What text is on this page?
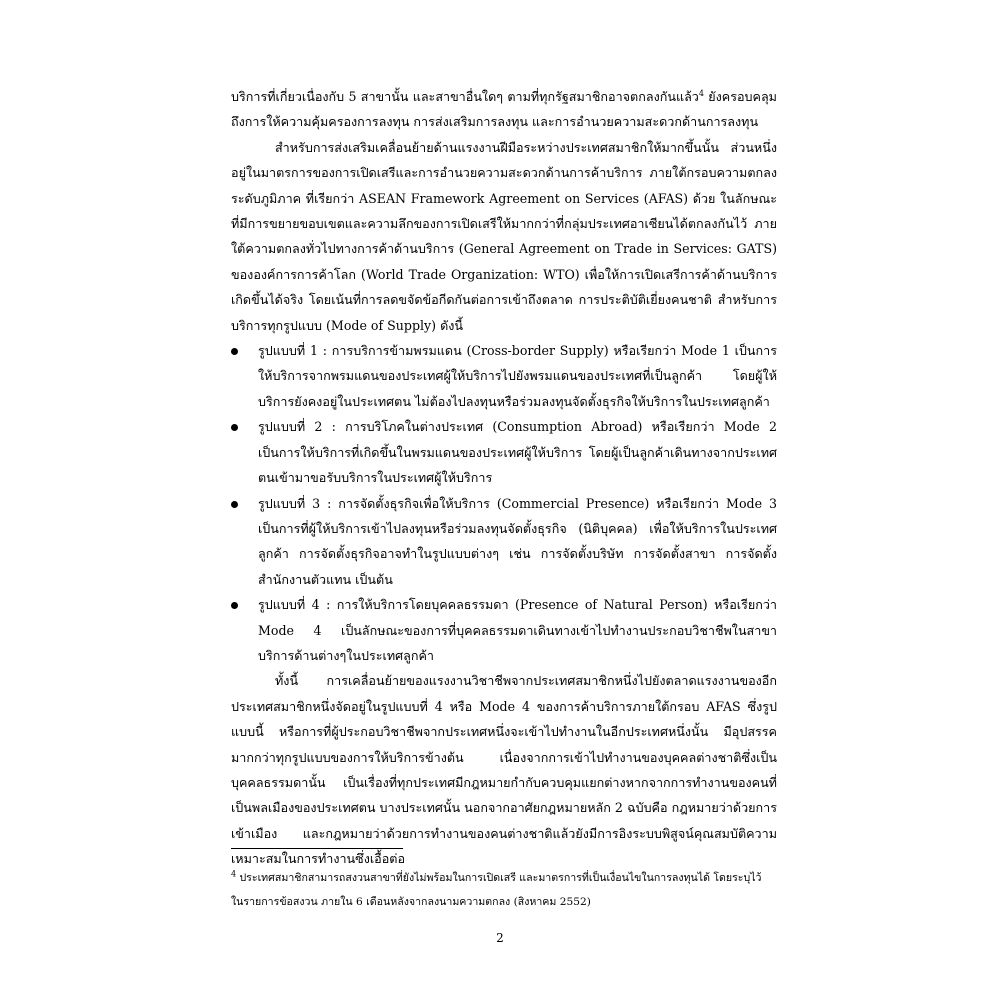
บริการที่เกี่ยวเนื่องกับ 5 สาขานั้น และสาขาอื่นใดๆ ตามที่ทุกรัฐสมาชิกอาจตกลงกันแล้ว$^4$ ยังครอบคลุมถึงการให้ความคุ้มครองการลงทุน การส่งเสริมการลงทุน และการอำนวยความสะดวกด้านการลงทุน

สำหรับการส่งเสริมเคลื่อนย้ายด้านแรงงานฝีมือระหว่างประเทศสมาชิกให้มากขึ้นนั้น ส่วนหนึ่งอยู่ในมาตรการของการเปิดเสรีและการอำนวยความสะดวกด้านการค้าบริการ ภายใต้กรอบความตกลงระดับภูมิภาค ที่เรียกว่า ASEAN Framework Agreement on Services (AFAS) ด้วย ในลักษณะที่มีการขยายขอบเขตและความลึกของการเปิดเสรีให้มากกว่าที่กลุ่มประเทศอาเซียนได้ตกลงกันไว้ ภายใต้ความตกลงทั่วไปทางการค้าด้านบริการ (General Agreement on Trade in Services: GATS) ขององค์การการค้าโลก (World Trade Organization: WTO) เพื่อให้การเปิดเสรีการค้าด้านบริการเกิดขึ้นได้จริง โดยเน้นที่การลดขจัดข้อกีดกันต่อการเข้าถึงตลาด การประติบัติเยี่ยงคนชาติ สำหรับการบริการทุกรูปแบบ (Mode of Supply) ดังนี้

รูปแบบที่ 1 : การบริการข้ามพรมแดน (Cross-border Supply) หรือเรียกว่า Mode 1 เป็นการให้บริการจากพรมแดนของประเทศผู้ให้บริการไปยังพรมแดนของประเทศที่เป็นลูกค้า โดยผู้ให้บริการยังคงอยู่ในประเทศตน ไม่ต้องไปลงทุนหรือร่วมลงทุนจัดตั้งธุรกิจให้บริการในประเทศลูกค้า
รูปแบบที่ 2 : การบริโภคในต่างประเทศ (Consumption Abroad) หรือเรียกว่า Mode 2 เป็นการให้บริการที่เกิดขึ้นในพรมแดนของประเทศผู้ให้บริการ โดยผู้เป็นลูกค้าเดินทางจากประเทศตนเข้ามาขอรับบริการในประเทศผู้ให้บริการ
รูปแบบที่ 3 : การจัดตั้งธุรกิจเพื่อให้บริการ (Commercial Presence) หรือเรียกว่า Mode 3 เป็นการที่ผู้ให้บริการเข้าไปลงทุนหรือร่วมลงทุนจัดตั้งธุรกิจ (นิติบุคคล) เพื่อให้บริการในประเทศลูกค้า การจัดตั้งธุรกิจอาจทำในรูปแบบต่างๆ เช่น การจัดตั้งบริษัท การจัดตั้งสาขา การจัดตั้งสำนักงานตัวแทน เป็นต้น
รูปแบบที่ 4 : การให้บริการโดยบุคคลธรรมดา (Presence of Natural Person) หรือเรียกว่า Mode 4 เป็นลักษณะของการที่บุคคลธรรมดาเดินทางเข้าไปทำงานประกอบวิชาชีพในสาขาบริการด้านต่างๆในประเทศลูกค้า

ทั้งนี้ การเคลื่อนย้ายของแรงงานวิชาชีพจากประเทศสมาชิกหนึ่งไปยังตลาดแรงงานของอีกประเทศสมาชิกหนึ่งจัดอยู่ในรูปแบบที่ 4 หรือ Mode 4 ของการค้าบริการภายใต้กรอบ AFAS ซึ่งรูปแบบนี้ หรือการที่ผู้ประกอบวิชาชีพจากประเทศหนึ่งจะเข้าไปทำงานในอีกประเทศหนึ่งนั้น มีอุปสรรคมากกว่าทุกรูปแบบของการให้บริการข้างต้น เนื่องจากการเข้าไปทำงานของบุคคลต่างชาติซึ่งเป็นบุคคลธรรมดานั้น เป็นเรื่องที่ทุกประเทศมีกฎหมายกำกับควบคุมแยกต่างหากจากการทำงานของคนที่เป็นพลเมืองของประเทศตน บางประเทศนั้น นอกจากอาศัยกฎหมายหลัก 2 ฉบับคือ กฎหมายว่าด้วยการเข้าเมือง และกฎหมายว่าด้วยการทำงานของคนต่างชาติแล้วยังมีการอิงระบบพิสูจน์คุณสมบัติความเหมาะสมในการทำงานซึ่งเอื้อต่อ

$^4$ ประเทศสมาชิกสามารถสงวนสาขาที่ยังไม่พร้อมในการเปิดเสรี และมาตรการที่เป็นเงื่อนไขในการลงทุนได้ โดยระบุไว้

ในรายการข้อสงวน ภายใน 6 เดือนหลังจากลงนามความตกลง (สิงหาคม 2552)

2
